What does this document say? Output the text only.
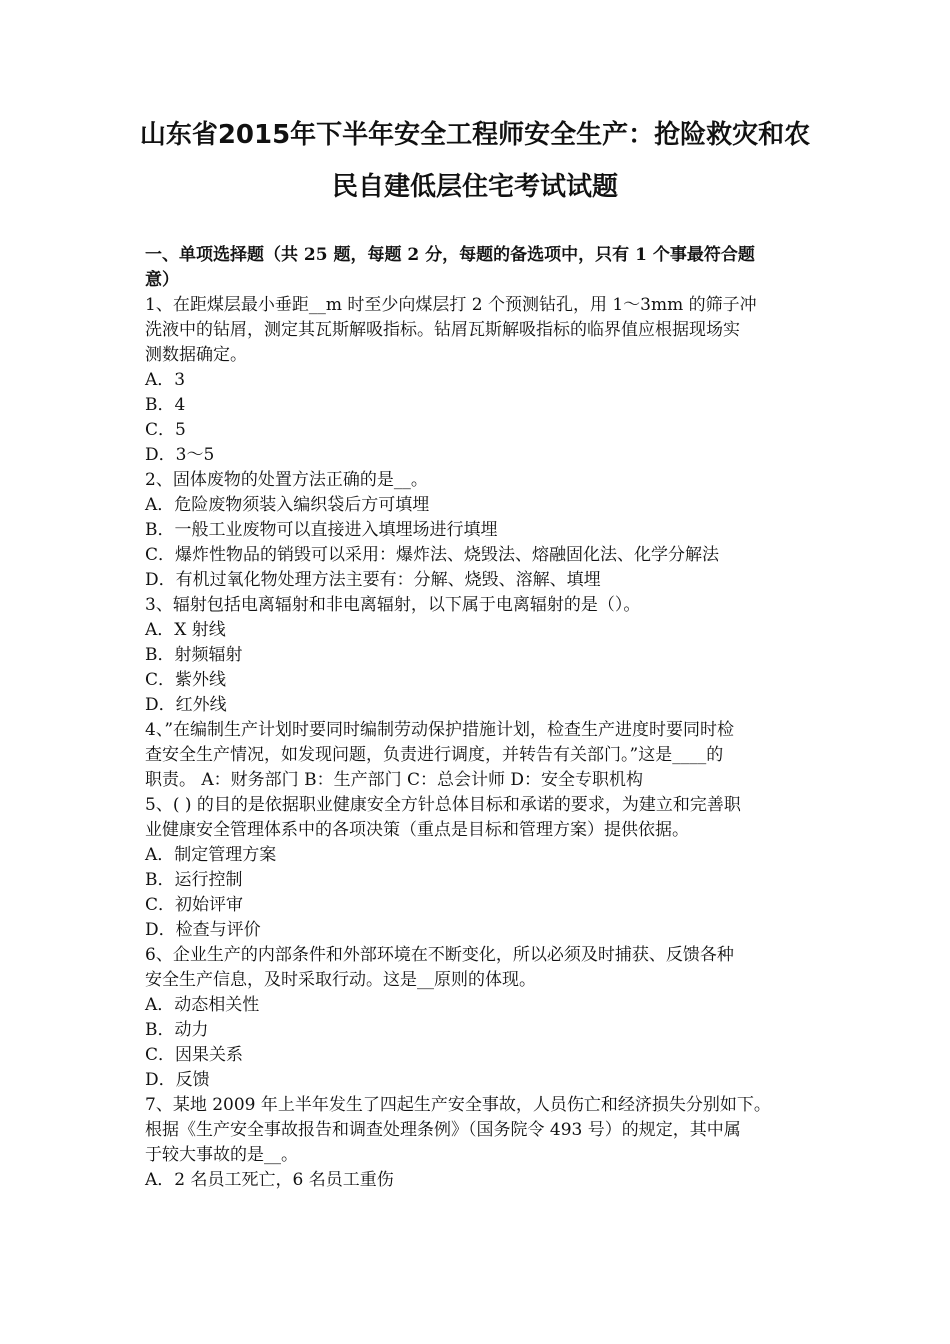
山东省2015年下半年安全工程师安全生产：抢险救灾和农
民自建低层住宅考试试题
一、单项选择题（共 25 题，每题 2 分，每题的备选项中，只有 1 个事最符合题
意）
1、在距煤层最小垂距__m 时至少向煤层打 2 个预测钻孔，用 1～3mm 的筛子冲
洗液中的钻屑，测定其瓦斯解吸指标。钻屑瓦斯解吸指标的临界值应根据现场实
测数据确定。
A．3
B．4
C．5
D．3～5
2、固体废物的处置方法正确的是__。
A．危险废物须装入编织袋后方可填埋
B．一般工业废物可以直接进入填埋场进行填埋
C．爆炸性物品的销毁可以采用：爆炸法、烧毁法、熔融固化法、化学分解法
D．有机过氧化物处理方法主要有：分解、烧毁、溶解、填埋
3、辐射包括电离辐射和非电离辐射，以下属于电离辐射的是（）。
A．X 射线
B．射频辐射
C．紫外线
D．红外线
4、”在编制生产计划时要同时编制劳动保护措施计划，检查生产进度时要同时检
查安全生产情况，如发现问题，负责进行调度，并转告有关部门。”这是____的
职责。 A：财务部门 B：生产部门 C：总会计师 D：安全专职机构
5、( ) 的目的是依据职业健康安全方针总体目标和承诺的要求，为建立和完善职
业健康安全管理体系中的各项决策（重点是目标和管理方案）提供依据。
A．制定管理方案
B．运行控制
C．初始评审
D．检查与评价
6、企业生产的内部条件和外部环境在不断变化，所以必须及时捕获、反馈各种
安全生产信息，及时采取行动。这是__原则的体现。
A．动态相关性
B．动力
C．因果关系
D．反馈
7、某地 2009 年上半年发生了四起生产安全事故，人员伤亡和经济损失分别如下。
根据《生产安全事故报告和调查处理条例》（国务院令 493 号）的规定，其中属
于较大事故的是__。
A．2 名员工死亡，6 名员工重伤
